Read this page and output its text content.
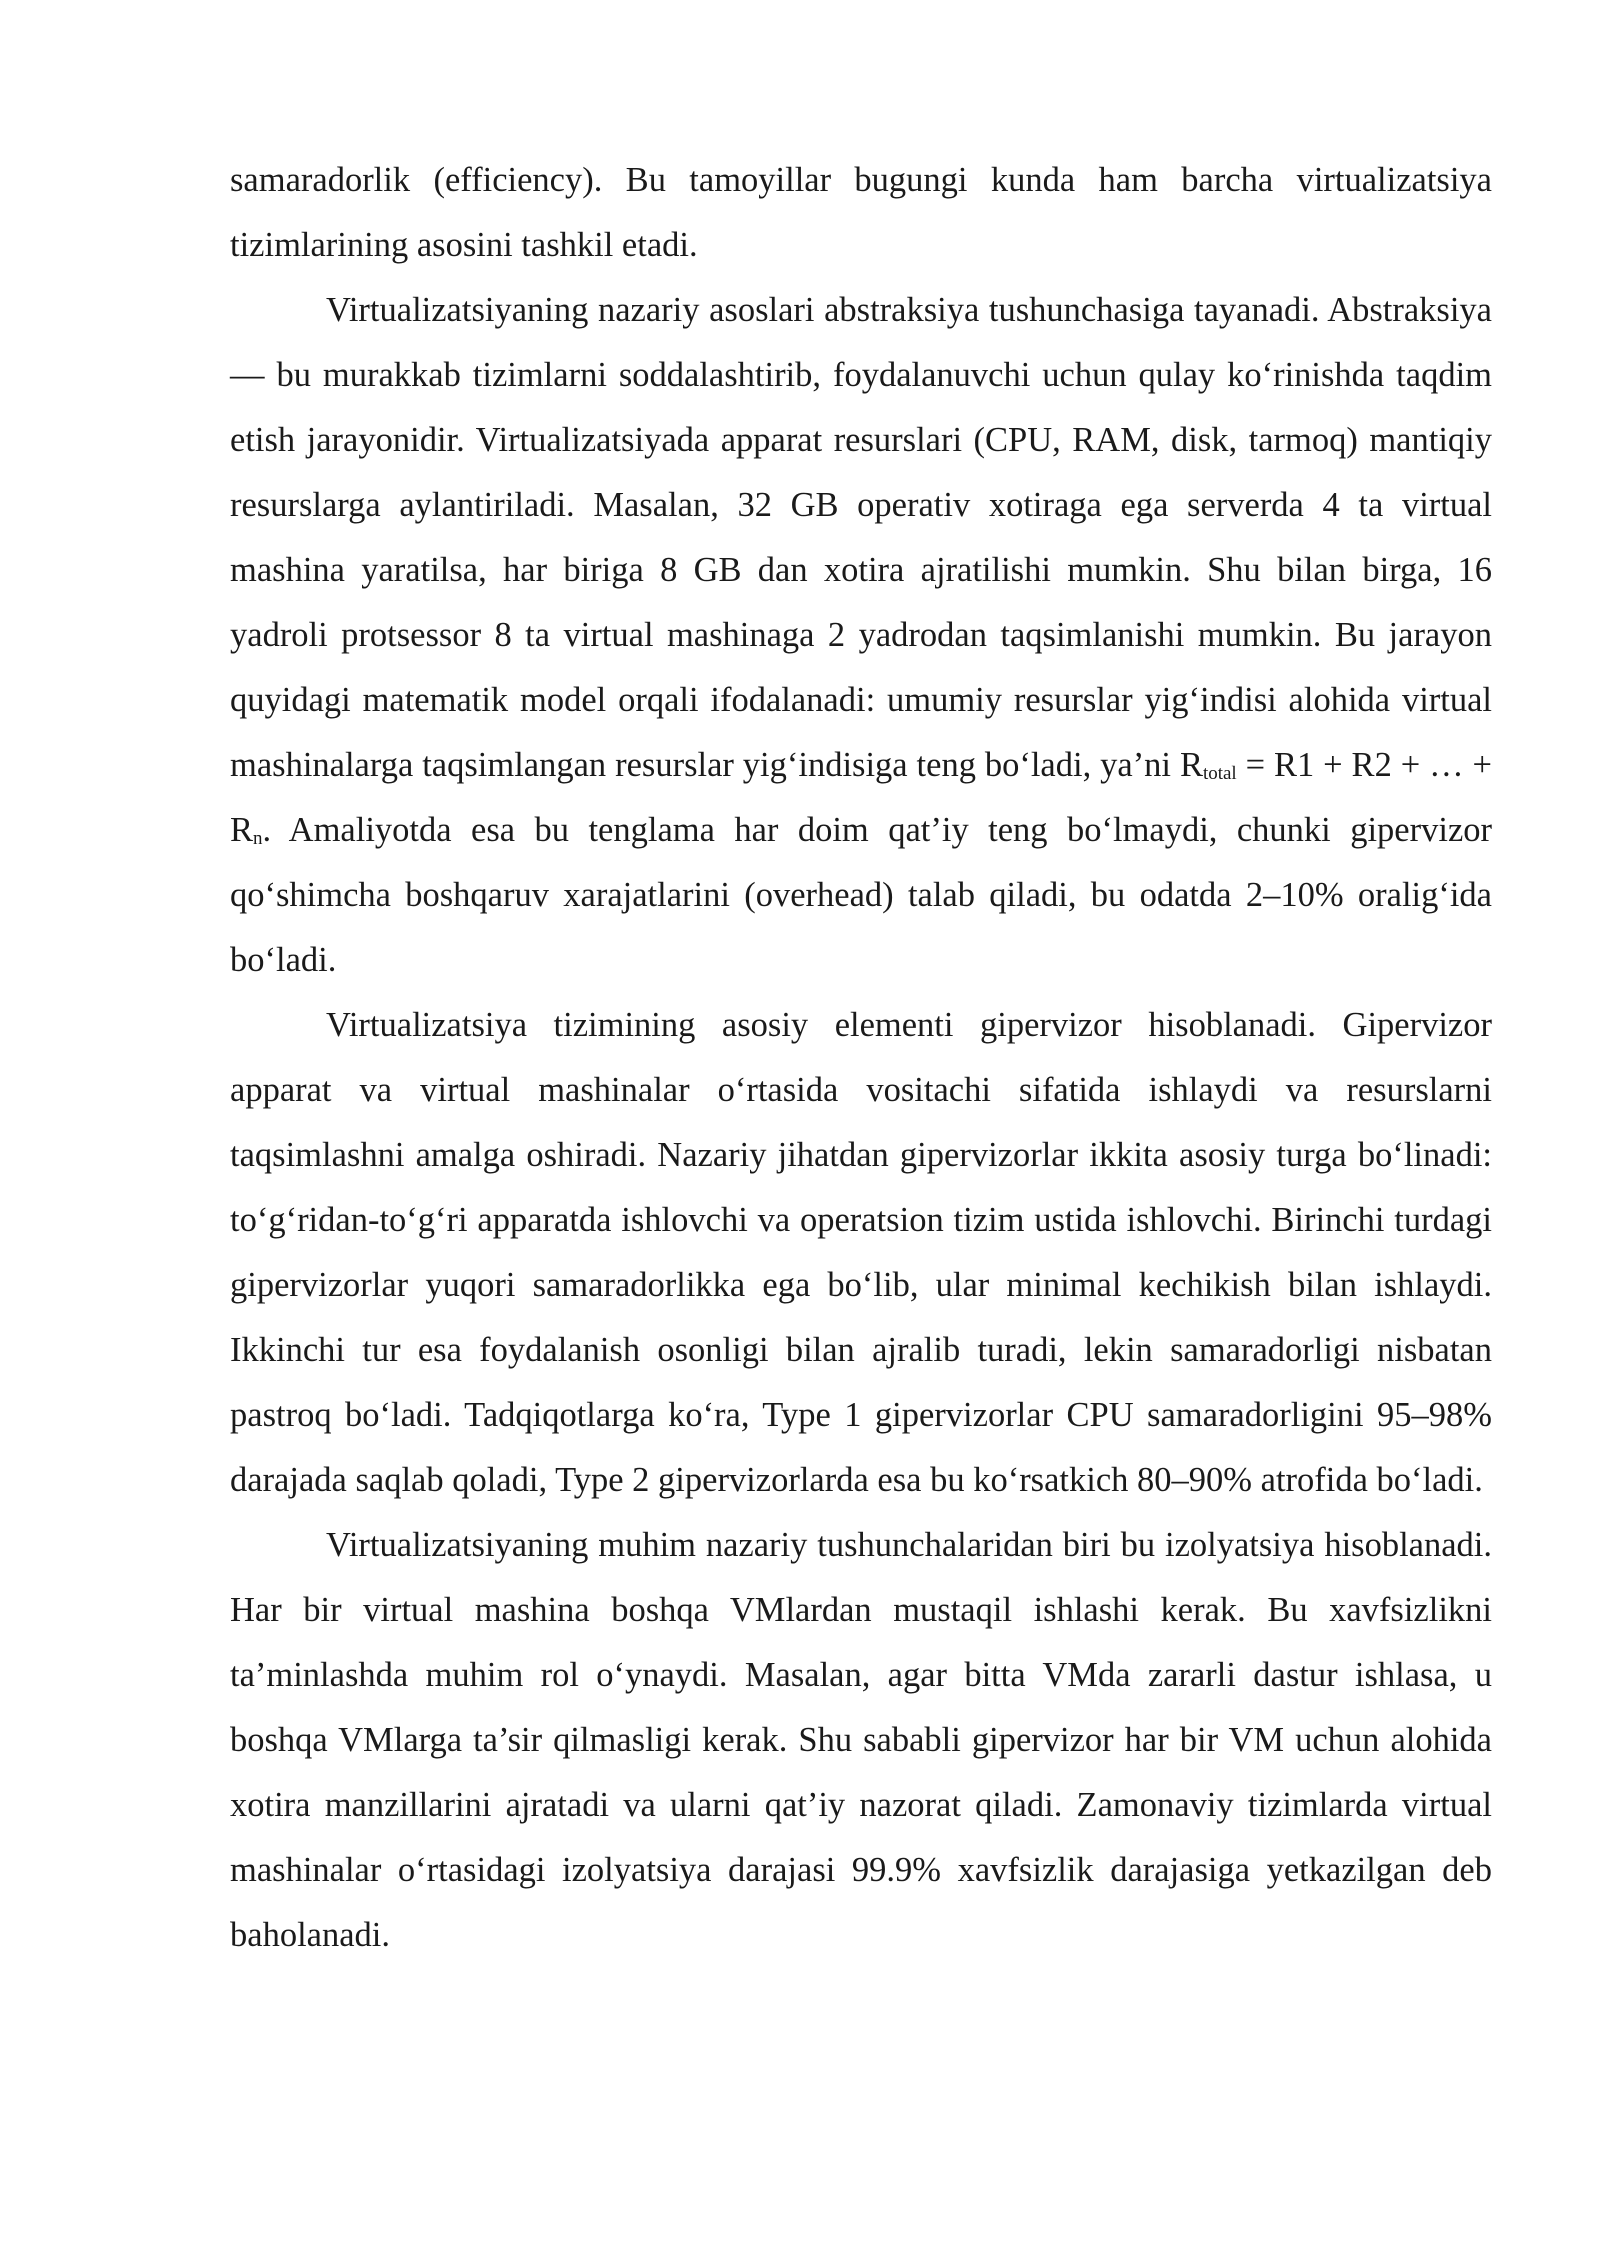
samaradorlik (efficiency). Bu tamoyillar bugungi kunda ham barcha virtualizatsiya tizimlarining asosini tashkil etadi.

Virtualizatsiyaning nazariy asoslari abstraksiya tushunchasiga tayanadi. Abstraksiya — bu murakkab tizimlarni soddalashtirib, foydalanuvchi uchun qulay ko‘rinishda taqdim etish jarayonidir. Virtualizatsiyada apparat resurslari (CPU, RAM, disk, tarmoq) mantiqiy resurslarga aylantiriladi. Masalan, 32 GB operativ xotiraga ega serverda 4 ta virtual mashina yaratilsa, har biriga 8 GB dan xotira ajratilishi mumkin. Shu bilan birga, 16 yadroli protsessor 8 ta virtual mashinaga 2 yadrodan taqsimlanishi mumkin. Bu jarayon quyidagi matematik model orqali ifodalanadi: umumiy resurslar yig‘indisi alohida virtual mashinalarga taqsimlangan resurslar yig‘indisiga teng bo‘ladi, ya’ni $R_{total} = R1 + R2$ + … + $R_n$. Amaliyotda esa bu tenglama har doim qat’iy teng bo‘lmaydi, chunki gipervizor qo‘shimcha boshqaruv xarajatlarini (overhead) talab qiladi, bu odatda 2–10% oralig‘ida bo‘ladi.

Virtualizatsiya tizimining asosiy elementi gipervizor hisoblanadi. Gipervizor apparat va virtual mashinalar o‘rtasida vositachi sifatida ishlaydi va resurslarni taqsimlashni amalga oshiradi. Nazariy jihatdan gipervizorlar ikkita asosiy turga bo‘linadi: to‘g‘ridan-to‘g‘ri apparatda ishlovchi va operatsion tizim ustida ishlovchi. Birinchi turdagi gipervizorlar yuqori samaradorlikka ega bo‘lib, ular minimal kechikish bilan ishlaydi. Ikkinchi tur esa foydalanish osonligi bilan ajralib turadi, lekin samaradorligi nisbatan pastroq bo‘ladi. Tadqiqotlarga ko‘ra, Type 1 gipervizorlar CPU samaradorligini 95–98% darajada saqlab qoladi, Type 2 gipervizorlarda esa bu ko‘rsatkich 80–90% atrofida bo‘ladi.

Virtualizatsiyaning muhim nazariy tushunchalaridan biri bu izolyatsiya hisoblanadi. Har bir virtual mashina boshqa VMlardan mustaqil ishlashi kerak. Bu xavfsizlikni ta’minlashda muhim rol o‘ynaydi. Masalan, agar bitta VMda zararli dastur ishlasa, u boshqa VMlarga ta’sir qilmasligi kerak. Shu sababli gipervizor har bir VM uchun alohida xotira manzillarini ajratadi va ularni qat’iy nazorat qiladi. Zamonaviy tizimlarda virtual mashinalar o‘rtasidagi izolyatsiya darajasi 99.9% xavfsizlik darajasiga yetkazilgan deb baholanadi.
